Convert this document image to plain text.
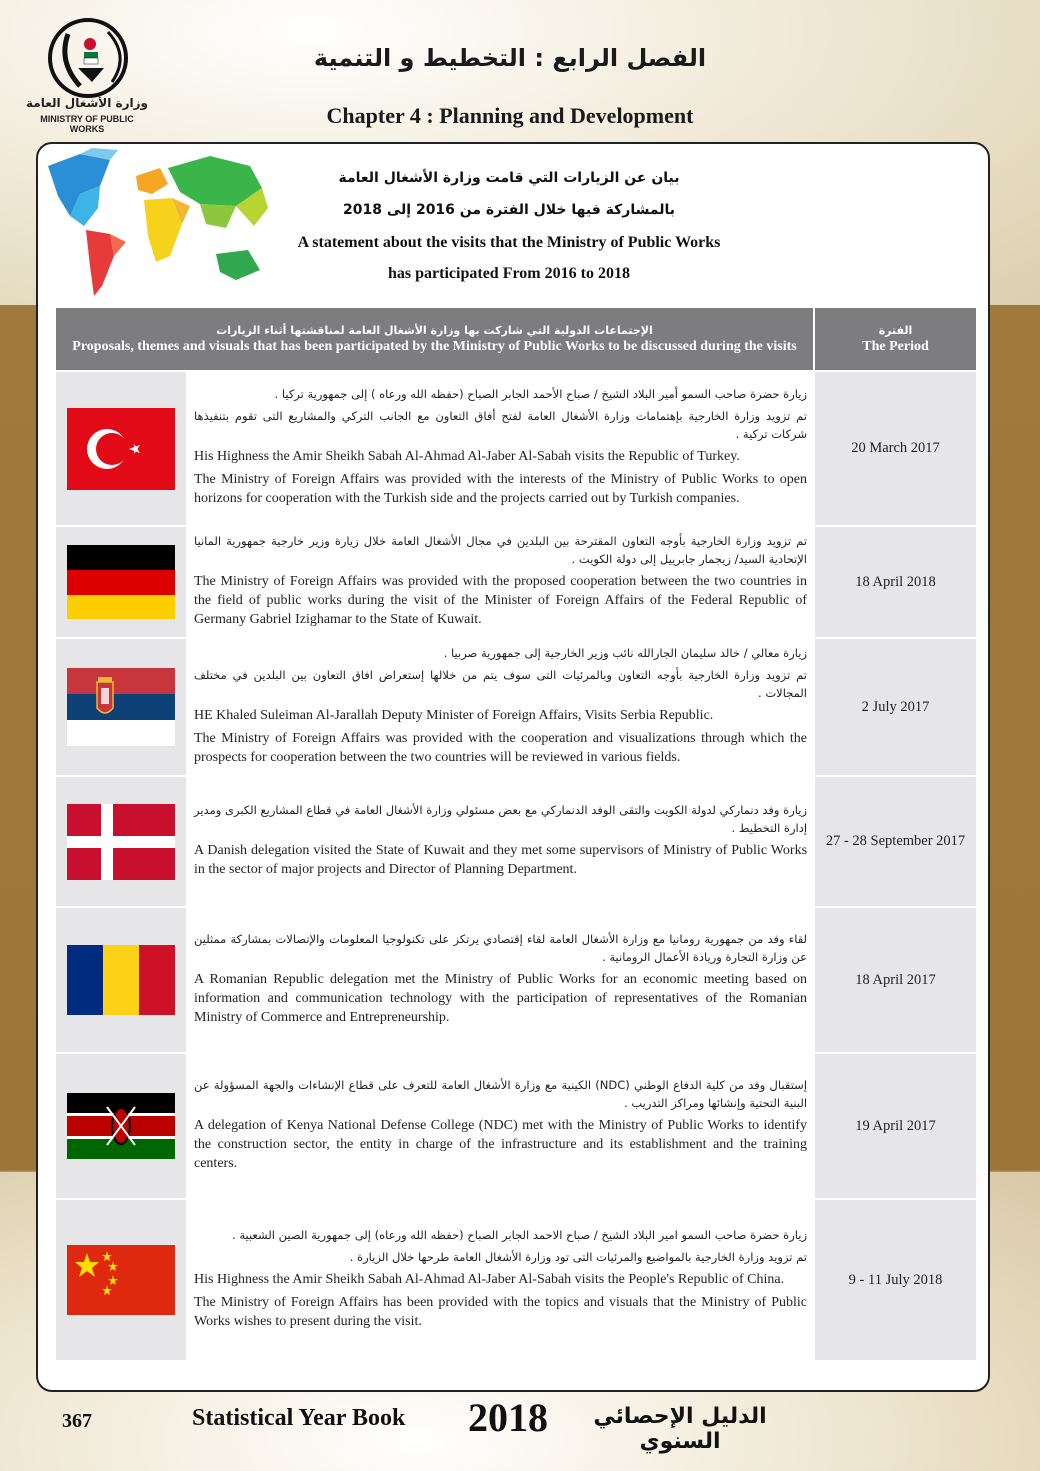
وزارة الأشغال العامة
MINISTRY OF PUBLIC WORKS
الفصل الرابع : التخطيط و التنمية
Chapter 4 : Planning and Development
بيان عن الزيارات التي قامت وزارة الأشغال العامة
بالمشاركة فيها خلال الفترة من 2016 إلى 2018
A statement about the visits that the Ministry of Public Works
has participated From 2016 to 2018
الإجتماعات الدولية التي شاركت بها وزارة الأشغال العامة لمناقشتها أثناء الزيارات
Proposals, themes and visuals that has been participated by the Ministry of Public Works to be discussed during the visits		الفترة
The Period

زيارة حضرة صاحب السمو أمير البلاد الشيخ / صباح الأحمد الجابر الصباح (حفظه الله ورعاه ) إلى جمهورية تركيا .

تم تزويد وزارة الخارجية بإهتمامات وزارة الأشغال العامة لفتح أفاق التعاون مع الجانب التركي والمشاريع التى تقوم بتنفيذها شركات تركية .

His Highness the Amir Sheikh Sabah Al-Ahmad Al-Jaber Al-Sabah visits the Republic of Turkey.

The Ministry of Foreign Affairs was provided with the interests of the Ministry of Public Works to open horizons for cooperation with the Turkish side and the projects carried out by Turkish companies.	20 March 2017

تم تزويد وزارة الخارجية بأوجه التعاون المقترحة بين البلدين في مجال الأشغال العامة خلال زيارة وزير خارجية جمهورية المانيا الإتحادية السيد/ زيجمار جابرييل إلى دولة الكويت .

The Ministry of Foreign Affairs was provided with the proposed cooperation between the two countries in the field of public works during the visit of the Minister of Foreign Affairs of the Federal Republic of Germany Gabriel Izighamar to the State of Kuwait.	18 April 2018

زيارة معالي / خالد سليمان الجارالله نائب وزير الخارجية إلى جمهورية صربيا .

تم تزويد وزارة الخارجية بأوجه التعاون وبالمرئيات التى سوف يتم من خلالها إستعراض افاق التعاون بين البلدين في مختلف المجالات .

HE Khaled Suleiman Al-Jarallah Deputy Minister of Foreign Affairs, Visits Serbia Republic.

The Ministry of Foreign Affairs was provided with the cooperation and visualizations through which the prospects for cooperation between the two countries will be reviewed in various fields.	2 July 2017

زيارة وفد دنماركي لدولة الكويت والتقى الوفد الدنماركي مع بعض مسئولي وزارة الأشغال العامة في قطاع المشاريع الكبرى ومدير إدارة التخطيط .

A Danish delegation visited the State of Kuwait and they met some supervisors of Ministry of Public Works in the sector of major projects and Director of Planning Department.	27 - 28 September 2017

لقاء وفد من جمهورية رومانيا مع وزارة الأشغال العامة لقاء إقتصادي يرتكز على تكنولوجيا المعلومات والإتصالات بمشاركة ممثلين عن وزارة التجارة وريادة الأعمال الرومانية .

A Romanian Republic delegation met the Ministry of Public Works for an economic meeting based on information and communication technology with the participation of representatives of the Romanian Ministry of Commerce and Entrepreneurship.	18 April 2017

إستقبال وفد من كلية الدفاع الوطني (NDC) الكينية مع وزارة الأشغال العامة للتعرف على قطاع الإنشاءات والجهة المسؤولة عن البنية التحتية وإنشائها ومراكز التدريب .

A delegation of Kenya National Defense College (NDC) met with the Ministry of Public Works to identify the construction sector, the entity in charge of the infrastructure and its establishment and the training centers.	19 April 2017

زيارة حضرة صاحب السمو امير البلاد الشيخ / صباح الاحمد الجابر الصباح (حفظه الله ورعاه) إلى جمهورية الصين الشعبية .

تم تزويد وزارة الخارجية بالمواضيع والمرئيات التى تود وزارة الأشغال العامة طرحها خلال الزيارة .

His Highness the Amir Sheikh Sabah Al-Ahmad Al-Jaber Al-Sabah visits the People's Republic of China.

The Ministry of Foreign Affairs has been provided with the topics and visuals that the Ministry of Public Works wishes to present during the visit.	9 - 11 July 2018
367	Statistical Year Book 2018	الدليل الإحصائي السنوي
